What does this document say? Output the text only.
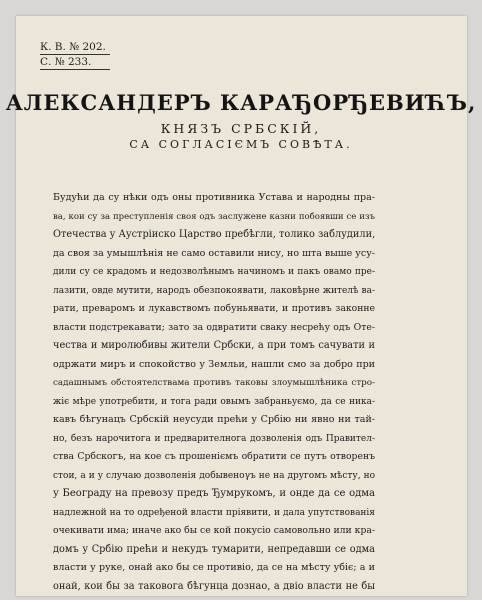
К. В. № 202.
С. № 233.
АЛЕКСАНДЕРЪ КАРАЂОРЂЕВИЋЪ,
КНЯЗЪ СРБСКІЙ,
СА СОГЛАСІЄМЪ СОВѢТА.
Будући да су нѣки одъ оны противника Устава и народны пра-
ва, кои су за преступленія своя одъ заслужене казни побоявши се изъ
Отечества у Аустріиско Царство пребѣгли, толико заблудили,
да своя за умышлѣнія не само оставили нису, но шта выше усу-
дили су се крадомъ и недозволѣнымъ начиномъ и пакъ овамо пре-
лазити, овде мутити, народъ обезпокоявати, лаковѣрне жителѣ вa-
рати, преваромъ и лукавствомъ побуньявати, и противъ законне
власти подстрекавати; зато за одвратити сваку несрећу одъ Оте-
чества и миролюбивы жители Србски, а при томъ сачувати и
одржати миръ и спокойство у Земльи, нашли смо за добро при
садашнымъ обстоятелствама противъ таковы злоумышлѣника стро-
жіє мѣре употребити, и тога ради овымъ забраньуємо, да се ника-
кавъ бѣгунацъ Србскій неусуди прећи у Србію ни явно ни тай-
но, безъ нарочитога и предварителнога дозволенія одъ Правител-
ства Србскогъ, на кое съ прошеніємъ обратити се путъ отворенъ
стои, а и у случаю дозволенія добывенογъ не на другомъ мѣсту, но
у Београду на превозу предъ Ђумрукомъ, и онде да се одма
надлежной на то одређеной власти прiявити, и дала упутствованія
очекивати има; иначе ако бы се кой покусіо самовольно или кра-
домъ у Србію прећи и некудъ тумарити, непредавши се одма
власти у руке, онай ако бы се противіо, да се на мѣсту убіє; а и
онай, кои бы за таковога бѣгунца дознао, а двіо власти не бы
